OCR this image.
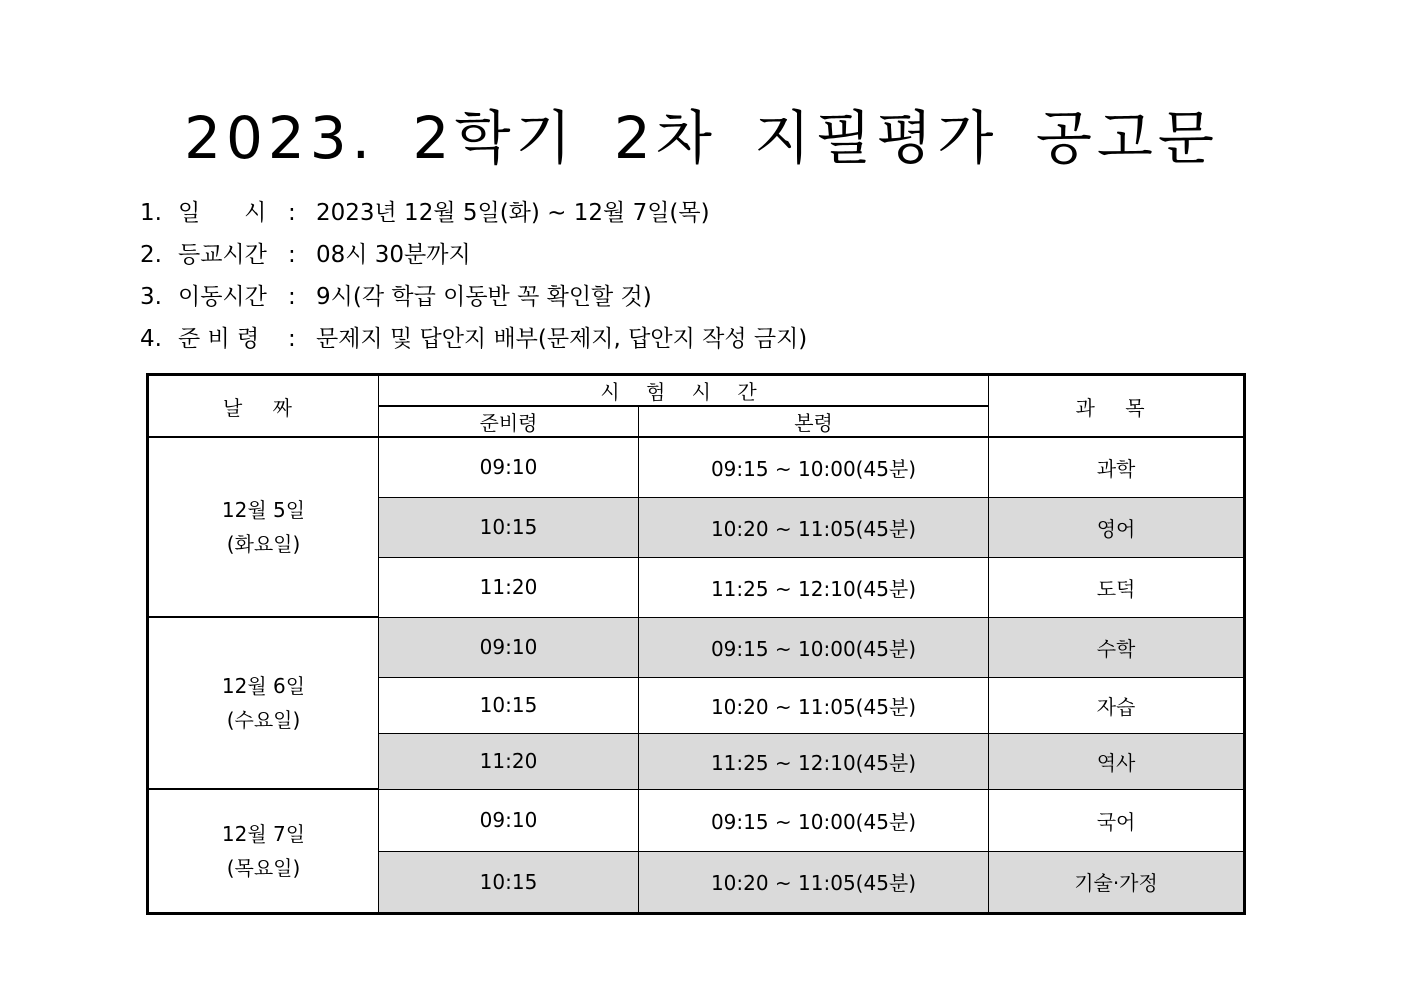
2023. 2학기 2차 지필평가 공고문
1. 일      시 : 2023년 12월 5일(화) ~ 12월 7일(목)
2. 등교시간 : 08시 30분까지
3. 이동시간 : 9시(각 학급 이동반 꼭 확인할 것)
4. 준 비 령 : 문제지 및 답안지 배부(문제지, 답안지 작성 금지)
날 짜	시 험 시 간		과 목
	준비령	본령	

12월 5일
(화요일)	09:10	09:15 ~ 10:00(45분)	과학
	10:15	10:20 ~ 11:05(45분)	영어
	11:20	11:25 ~ 12:10(45분)	도덕

12월 6일
(수요일)	09:10	09:15 ~ 10:00(45분)	수학
	10:15	10:20 ~ 11:05(45분)	자습
	11:20	11:25 ~ 12:10(45분)	역사

12월 7일
(목요일)	09:10	09:15 ~ 10:00(45분)	국어
	10:15	10:20 ~ 11:05(45분)	기술·가정
